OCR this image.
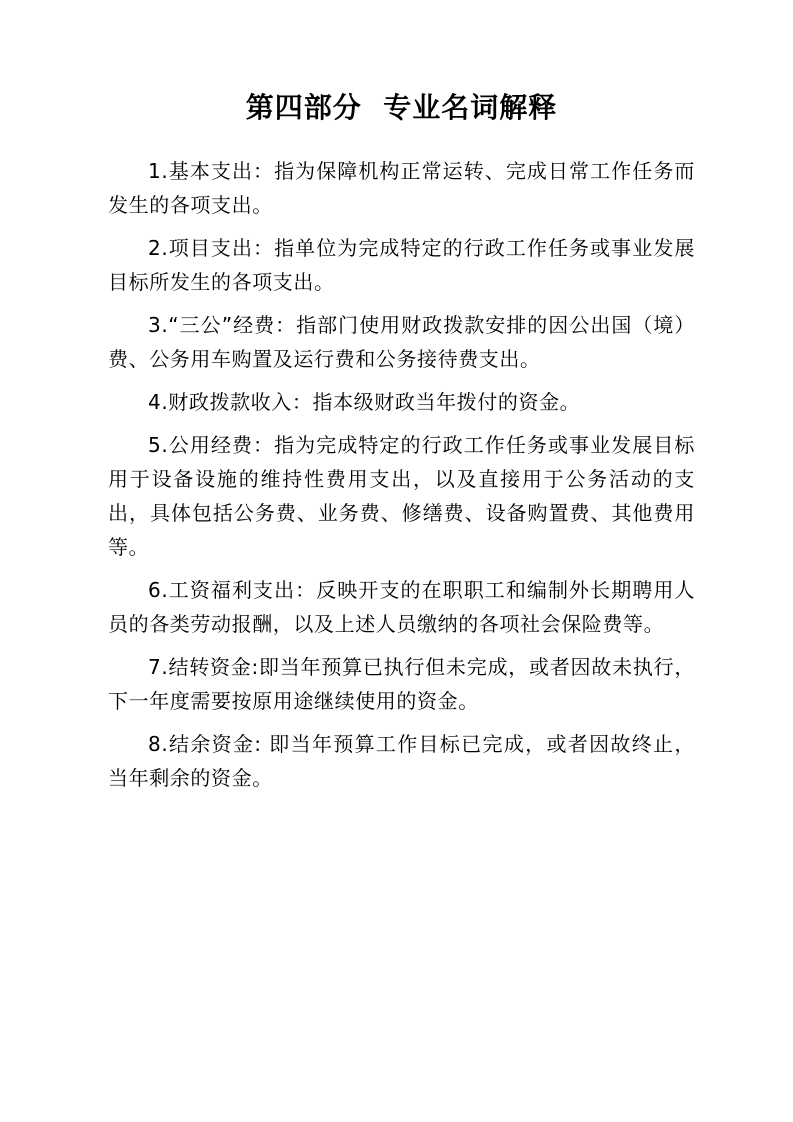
第四部分  专业名词解释

1.基本支出：指为保障机构正常运转、完成日常工作任务而发生的各项支出。

2.项目支出：指单位为完成特定的行政工作任务或事业发展目标所发生的各项支出。

3.“三公”经费：指部门使用财政拨款安排的因公出国（境）费、公务用车购置及运行费和公务接待费支出。

4.财政拨款收入：指本级财政当年拨付的资金。

5.公用经费：指为完成特定的行政工作任务或事业发展目标用于设备设施的维持性费用支出，以及直接用于公务活动的支出，具体包括公务费、业务费、修缮费、设备购置费、其他费用等。

6.工资福利支出：反映开支的在职职工和编制外长期聘用人员的各类劳动报酬，以及上述人员缴纳的各项社会保险费等。

7.结转资金:即当年预算已执行但未完成，或者因故未执行，下一年度需要按原用途继续使用的资金。

8.结余资金: 即当年预算工作目标已完成，或者因故终止，当年剩余的资金。
